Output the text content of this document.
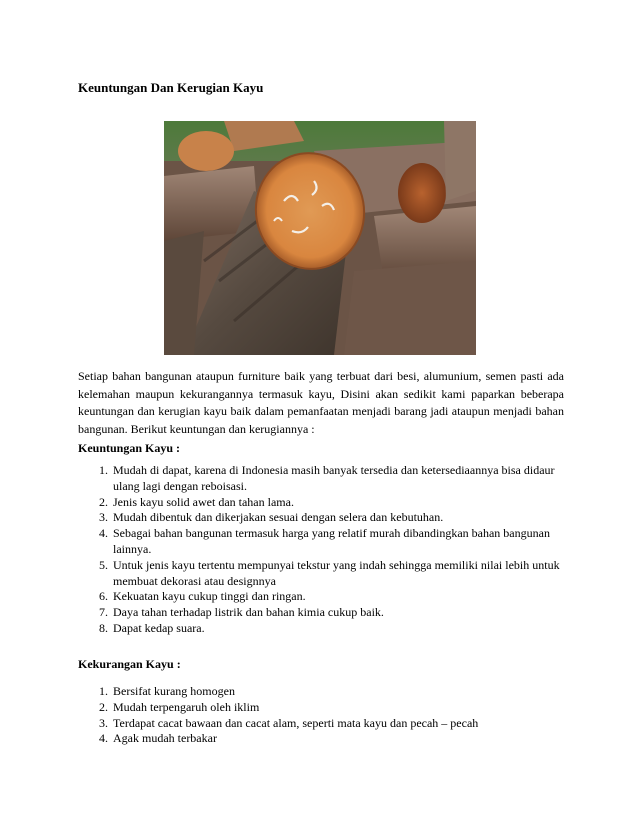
Keuntungan Dan Kerugian Kayu

Setiap bahan bangunan ataupun furniture baik yang terbuat dari besi, alumunium, semen pasti ada kelemahan maupun kekurangannya termasuk kayu, Disini akan sedikit kami paparkan beberapa keuntungan dan kerugian kayu baik dalam pemanfaatan menjadi barang jadi ataupun menjadi bahan bangunan. Berikut keuntungan dan kerugiannya :

Keuntungan Kayu :

1. Mudah di dapat, karena di Indonesia masih banyak tersedia dan ketersediaannya bisa didaur ulang lagi dengan reboisasi.
2. Jenis kayu solid awet dan tahan lama.
3. Mudah dibentuk dan dikerjakan sesuai dengan selera dan kebutuhan.
4. Sebagai bahan bangunan termasuk harga yang relatif murah dibandingkan bahan bangunan lainnya.
5. Untuk jenis kayu tertentu mempunyai tekstur yang indah sehingga memiliki nilai lebih untuk membuat dekorasi atau designnya
6. Kekuatan kayu cukup tinggi dan ringan.
7. Daya tahan terhadap listrik dan bahan kimia cukup baik.
8. Dapat kedap suara.

Kekurangan Kayu :

1. Bersifat kurang homogen
2. Mudah terpengaruh oleh iklim
3. Terdapat cacat bawaan dan cacat alam, seperti mata kayu dan pecah – pecah
4. Agak mudah terbakar
